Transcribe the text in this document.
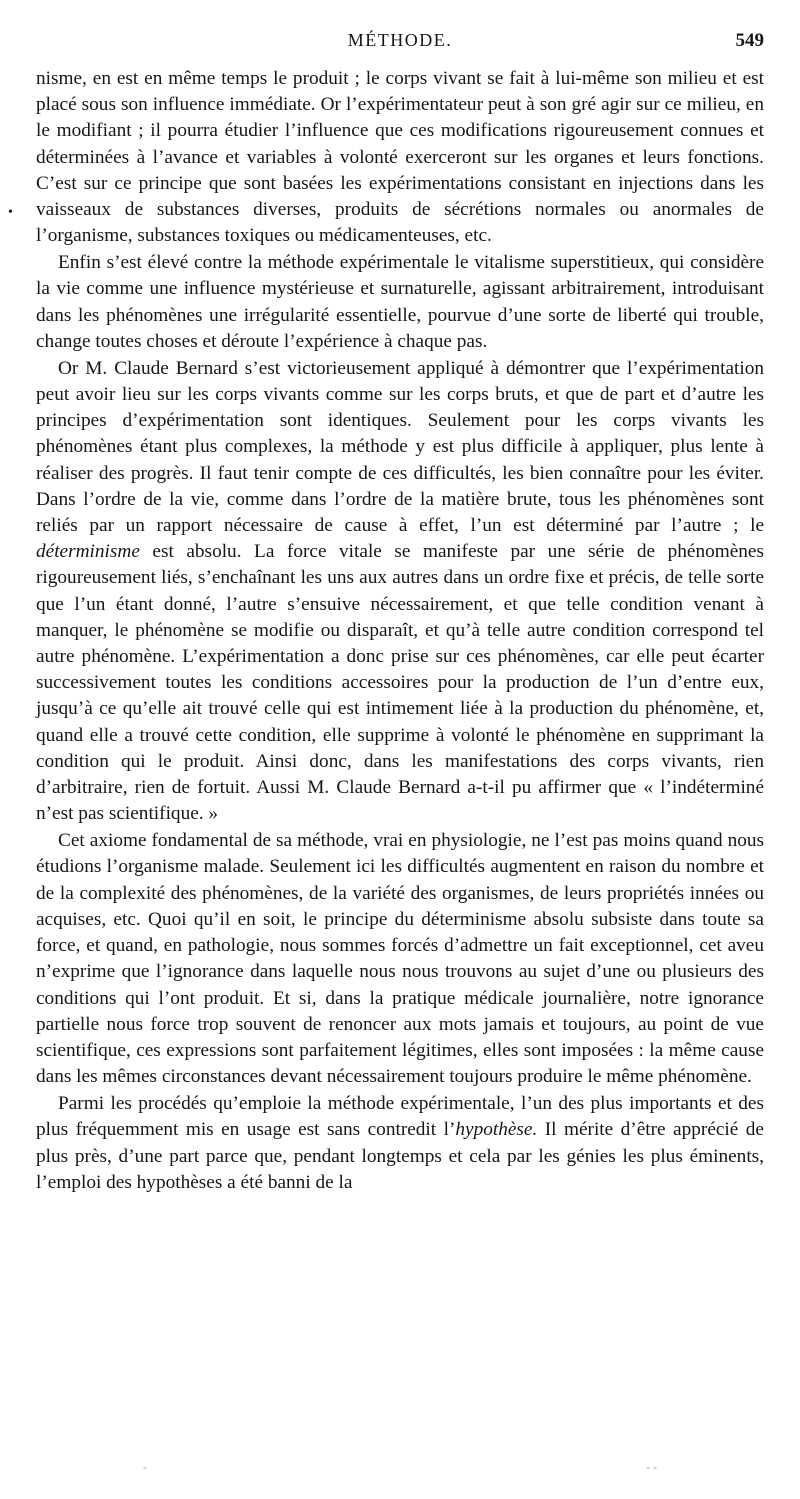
MÉTHODE.	549
•

nisme, en est en même temps le produit ; le corps vivant se fait à lui-même son milieu et est placé sous son influence immédiate. Or l’expérimentateur peut à son gré agir sur ce milieu, en le modifiant ; il pourra étudier l’influence que ces modifications rigoureusement connues et déterminées à l’avance et variables à volonté exerceront sur les organes et leurs fonctions. C’est sur ce principe que sont basées les expérimentations consistant en injections dans les vaisseaux de substances diverses, produits de sécrétions normales ou anormales de l’organisme, substances toxiques ou médicamenteuses, etc.

Enfin s’est élevé contre la méthode expérimentale le vitalisme superstitieux, qui considère la vie comme une influence mystérieuse et surnaturelle, agissant arbitrairement, introduisant dans les phénomènes une irrégularité essentielle, pourvue d’une sorte de liberté qui trouble, change toutes choses et déroute l’expérience à chaque pas.

Or M. Claude Bernard s’est victorieusement appliqué à démontrer que l’expérimentation peut avoir lieu sur les corps vivants comme sur les corps bruts, et que de part et d’autre les principes d’expérimentation sont identiques. Seulement pour les corps vivants les phénomènes étant plus complexes, la méthode y est plus difficile à appliquer, plus lente à réaliser des progrès. Il faut tenir compte de ces difficultés, les bien connaître pour les éviter. Dans l’ordre de la vie, comme dans l’ordre de la matière brute, tous les phénomènes sont reliés par un rapport nécessaire de cause à effet, l’un est déterminé par l’autre ; le déterminisme est absolu. La force vitale se manifeste par une série de phénomènes rigoureusement liés, s’enchaînant les uns aux autres dans un ordre fixe et précis, de telle sorte que l’un étant donné, l’autre s’ensuive nécessairement, et que telle condition venant à manquer, le phénomène se modifie ou disparaît, et qu’à telle autre condition correspond tel autre phénomène. L’expérimentation a donc prise sur ces phénomènes, car elle peut écarter successivement toutes les conditions accessoires pour la production de l’un d’entre eux, jusqu’à ce qu’elle ait trouvé celle qui est intimement liée à la production du phénomène, et, quand elle a trouvé cette condition, elle supprime à volonté le phénomène en supprimant la condition qui le produit. Ainsi donc, dans les manifestations des corps vivants, rien d’arbitraire, rien de fortuit. Aussi M. Claude Bernard a-t-il pu affirmer que « l’indéterminé n’est pas scientifique. »

Cet axiome fondamental de sa méthode, vrai en physiologie, ne l’est pas moins quand nous étudions l’organisme malade. Seulement ici les difficultés augmentent en raison du nombre et de la complexité des phénomènes, de la variété des organismes, de leurs propriétés innées ou acquises, etc. Quoi qu’il en soit, le principe du déterminisme absolu subsiste dans toute sa force, et quand, en pathologie, nous sommes forcés d’admettre un fait exceptionnel, cet aveu n’exprime que l’ignorance dans laquelle nous nous trouvons au sujet d’une ou plusieurs des conditions qui l’ont produit. Et si, dans la pratique médicale journalière, notre ignorance partielle nous force trop souvent de renoncer aux mots jamais et toujours, au point de vue scientifique, ces expressions sont parfaitement légitimes, elles sont imposées : la même cause dans les mêmes circonstances devant nécessairement toujours produire le même phénomène.

Parmi les procédés qu’emploie la méthode expérimentale, l’un des plus importants et des plus fréquemment mis en usage est sans contredit l’hypothèse. Il mérite d’être apprécié de plus près, d’une part parce que, pendant longtemps et cela par les génies les plus éminents, l’emploi des hypothèses a été banni de la

-	- -
